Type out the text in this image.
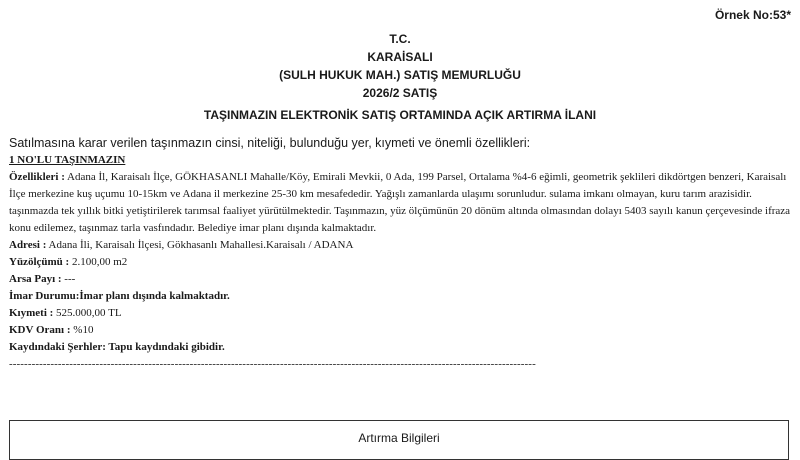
Örnek No:53*
T.C.
KARAİSALI
(SULH HUKUK MAH.) SATIŞ MEMURLUĞU
2026/2 SATIŞ
TAŞINMAZIN ELEKTRONİK SATIŞ ORTAMINDA AÇIK ARTIRMA İLANI
Satılmasına karar verilen taşınmazın cinsi, niteliği, bulunduğu yer, kıymeti ve önemli özellikleri:
1 NO'LU TAŞINMAZIN
Özellikleri : Adana İl, Karaisalı İlçe, GÖKHASANLI Mahalle/Köy, Emirali Mevkii, 0 Ada, 199 Parsel, Ortalama %4-6 eğimli, geometrik şeklileri dikdörtgen benzeri, Karaisalı İlçe merkezine kuş uçumu 10-15km ve Adana il merkezine 25-30 km mesafededir. Yağışlı zamanlarda ulaşımı sorunludur. sulama imkanı olmayan, kuru tarım arazisidir. taşınmazda tek yıllık bitki yetiştirilerek tarımsal faaliyet yürütülmektedir. Taşınmazın, yüz ölçümünün 20 dönüm altında olmasından dolayı 5403 sayılı kanun çerçevesinde ifraza konu edilemez, taşınmaz tarla vasfındadır. Belediye imar planı dışında kalmaktadır.
Adresi : Adana İli, Karaisalı İlçesi, Gökhasanlı Mahallesi.Karaisalı / ADANA
Yüzölçümü : 2.100,00 m2
Arsa Payı : ---
İmar Durumu:İmar planı dışında kalmaktadır.
Kıymeti : 525.000,00 TL
KDV Oranı : %10
Kaydındaki Şerhler: Tapu kaydındaki gibidir.
--------------------------------------------------------------------------------------------------------------------------------------------
Artırma Bilgileri
